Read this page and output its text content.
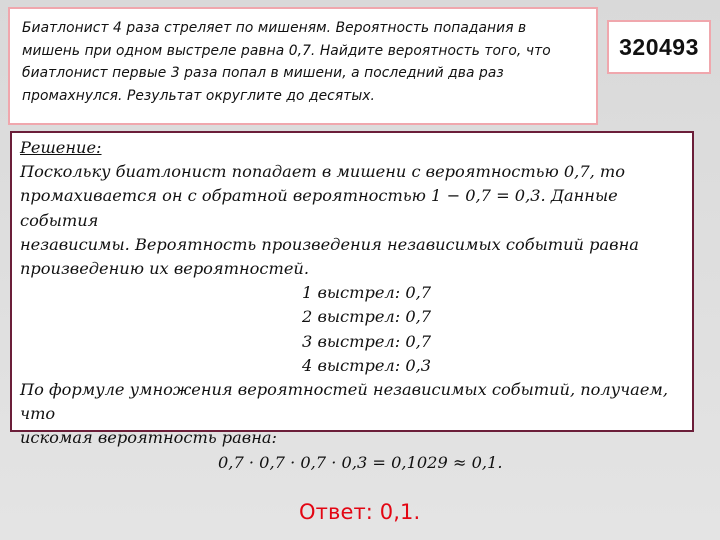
Биатлонист 4 раза стреляет по мишеням. Вероятность попадания в
мишень при одном выстреле равна 0,7. Найдите вероятность того, что
биатлонист первые 3 раза попал в мишени, а последний два раз
промахнулся. Результат округлите до десятых.

320493

Решение:

Поскольку биатлонист попадает в мишени с вероятностью 0,7, то

промахивается он с обратной вероятностью 1 − 0,7 = 0,3. Данные события

независимы. Вероятность произведения независимых событий равна

произведению их вероятностей.

1 выстрел: 0,7
2 выстрел: 0,7
3 выстрел: 0,7
4 выстрел: 0,3

По формуле умножения вероятностей независимых событий, получаем, что

искомая вероятность равна:

0,7 · 0,7 · 0,7 · 0,3 = 0,1029 ≈ 0,1.

Ответ: 0,1.
